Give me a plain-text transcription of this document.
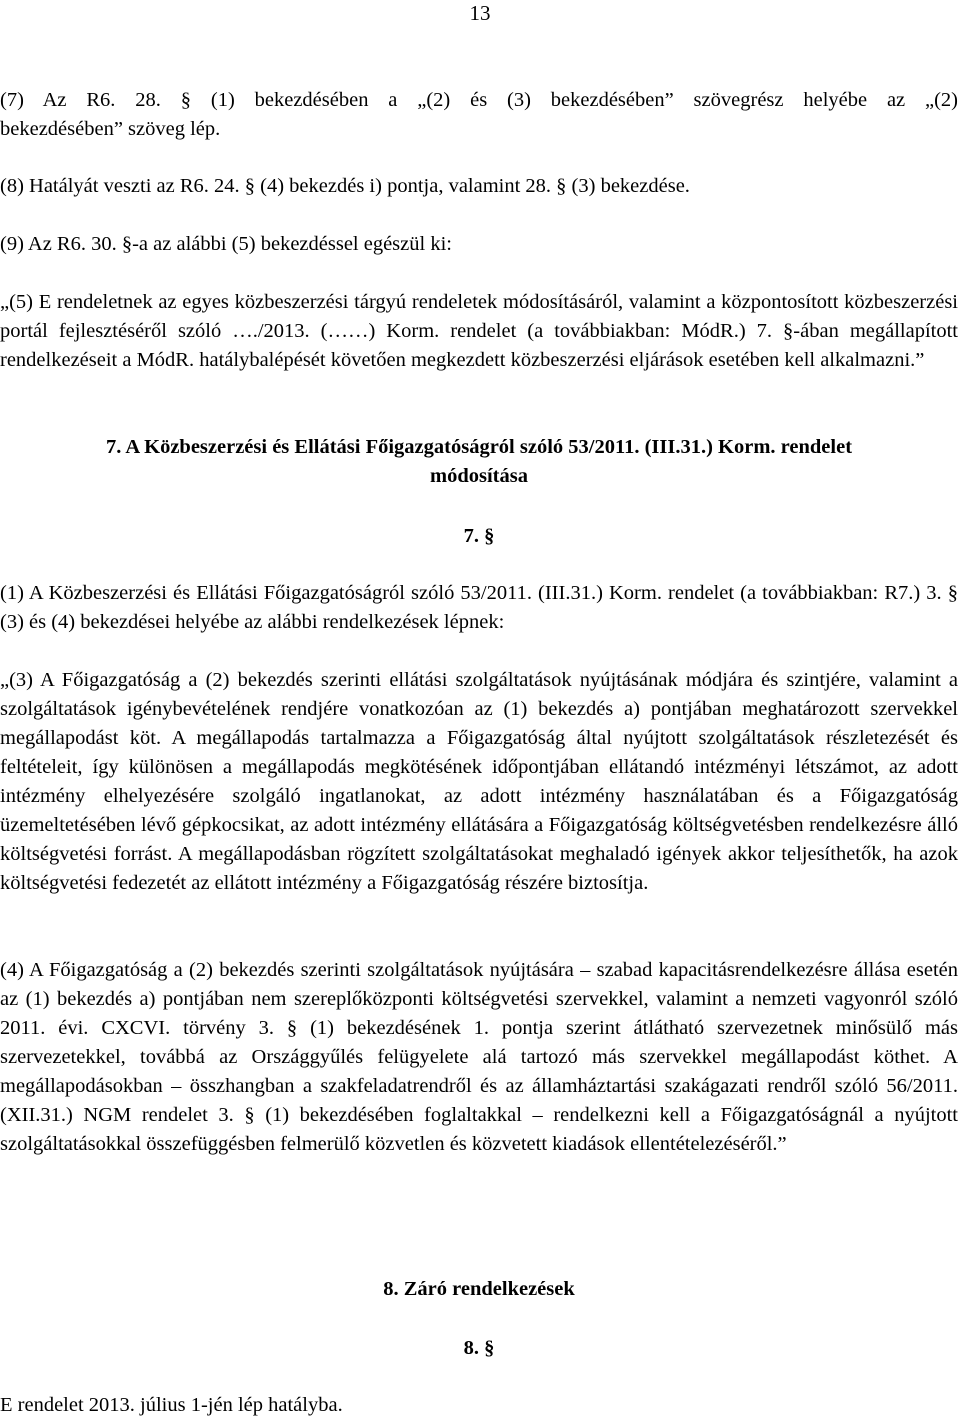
13

(7) Az R6. 28. § (1) bekezdésében a „(2) és (3) bekezdésében” szövegrész helyébe az „(2)

bekezdésében” szöveg lép.

(8) Hatályát veszti az R6. 24. § (4) bekezdés i) pontja, valamint 28. § (3) bekezdése.

(9) Az R6. 30. §-a az alábbi (5) bekezdéssel egészül ki:

„(5) E rendeletnek az egyes közbeszerzési tárgyú rendeletek módosításáról, valamint a központosított közbeszerzési portál fejlesztéséről szóló …./2013. (……) Korm. rendelet (a továbbiakban: MódR.) 7. §-ában megállapított rendelkezéseit a MódR. hatálybalépését követően megkezdett közbeszerzési eljárások esetében kell alkalmazni.”

7. A Közbeszerzési és Ellátási Főigazgatóságról szóló 53/2011. (III.31.) Korm. rendelet

módosítása

7. §

(1) A Közbeszerzési és Ellátási Főigazgatóságról szóló 53/2011. (III.31.) Korm. rendelet (a továbbiakban: R7.) 3. § (3) és (4) bekezdései helyébe az alábbi rendelkezések lépnek:

„(3) A Főigazgatóság a (2) bekezdés szerinti ellátási szolgáltatások nyújtásának módjára és szintjére, valamint a szolgáltatások igénybevételének rendjére vonatkozóan az (1) bekezdés a) pontjában meghatározott szervekkel megállapodást köt. A megállapodás tartalmazza a Főigazgatóság által nyújtott szolgáltatások részletezését és feltételeit, így különösen a megállapodás megkötésének időpontjában ellátandó intézményi létszámot, az adott intézmény elhelyezésére szolgáló ingatlanokat, az adott intézmény használatában és a Főigazgatóság üzemeltetésében lévő gépkocsikat, az adott intézmény ellátására a Főigazgatóság költségvetésben rendelkezésre álló költségvetési forrást. A megállapodásban rögzített szolgáltatásokat meghaladó igények akkor teljesíthetők, ha azok költségvetési fedezetét az ellátott intézmény a Főigazgatóság részére biztosítja.

(4) A Főigazgatóság a (2) bekezdés szerinti szolgáltatások nyújtására – szabad kapacitásrendelkezésre állása esetén az (1) bekezdés a) pontjában nem szereplőközponti költségvetési szervekkel, valamint a nemzeti vagyonról szóló 2011. évi. CXCVI. törvény 3. § (1) bekezdésének 1. pontja szerint átlátható szervezetnek minősülő más szervezetekkel, továbbá az Országgyűlés felügyelete alá tartozó más szervekkel megállapodást köthet. A megállapodásokban – összhangban a szakfeladatrendről és az államháztartási szakágazati rendről szóló 56/2011. (XII.31.) NGM rendelet 3. § (1) bekezdésében foglaltakkal – rendelkezni kell a Főigazgatóságnál a nyújtott szolgáltatásokkal összefüggésben felmerülő közvetlen és közvetett kiadások ellentételezéséről.”

8. Záró rendelkezések

8. §

E rendelet 2013. július 1-jén lép hatályba.
